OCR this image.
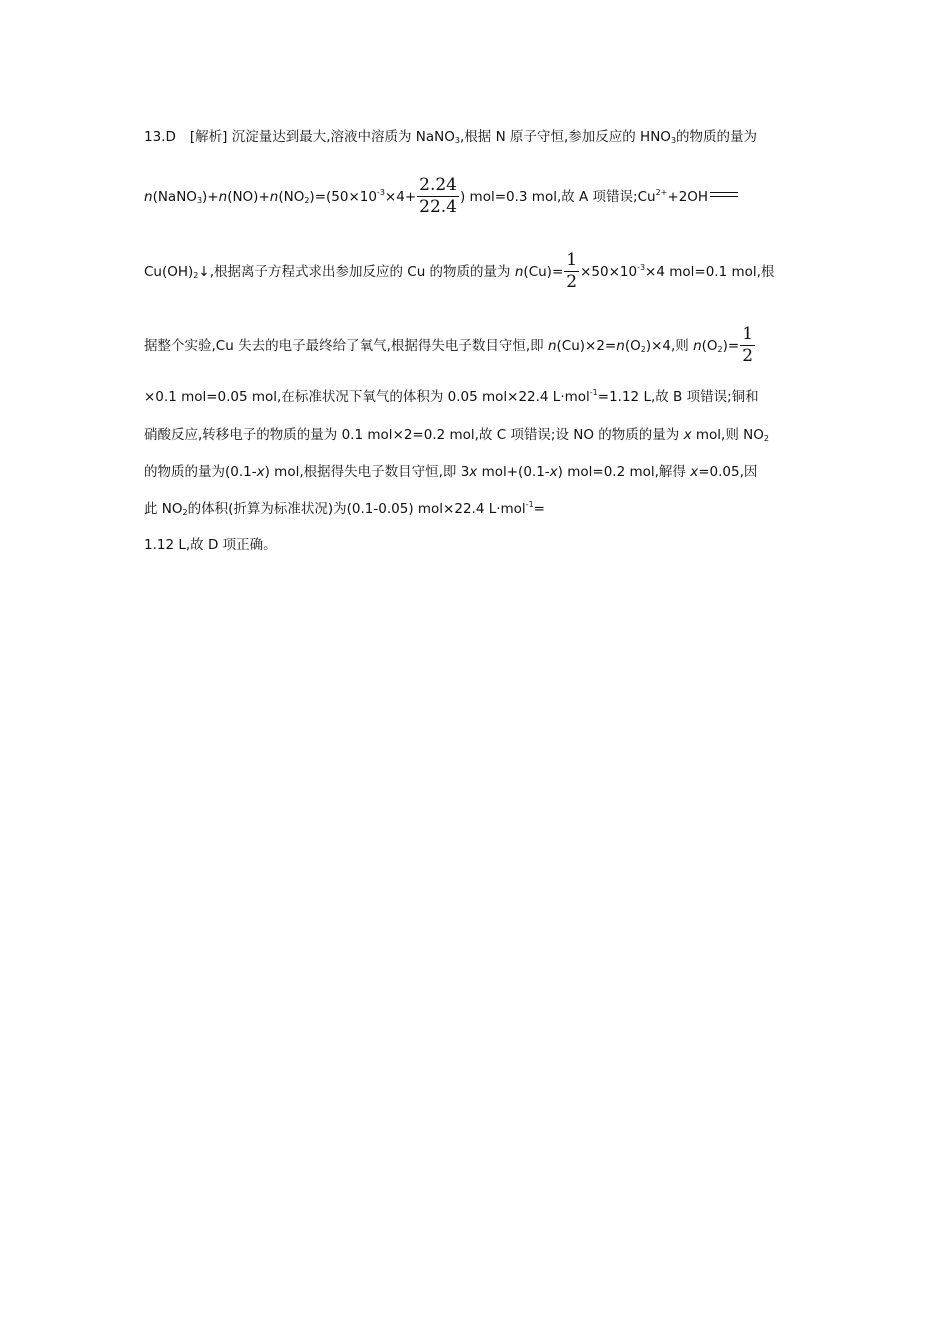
13.D [解析] 沉淀量达到最大,溶液中溶质为 NaNO$_3$,根据 N 原子守恒,参加反应的 $HNO_3$的物质的量为
$n(NaNO_3)+n(NO)+n(NO_2)=(50\times 10^{-3}\times 4+ \frac{2.24}{22.4}$ ) mol=0.3 mol,故 A 项错误$;Cu^{2+}+2OH$
$Cu(OH)_2↓$,根据离子方程式求出参加反应的 Cu 的物质的量为 $n(Cu)= \frac{1}{2} \times 50\times 10^{-3}\times 4$ mol=0.1 mol,根
据整个实验,Cu 失去的电子最终给了氧气,根据得失电子数目守恒,即 $n(Cu)\times 2=n(O_2)\times 4$,则 $n(O_2)= \frac{1}{2}$
×0.1 mol=0.05 mol,在标准状况下氧气的体积为 0.05 mol×22.4 L·mol$^{-1}$=1.12 L,故 B 项错误;铜和
硝酸反应,转移电子的物质的量为 0.1 mol×2=0.2 mol,故 C 项错误;设 NO 的物质的量为 x mol,则 $NO_2$
的物质的量为(0.1-x) mol,根据得失电子数目守恒,即 3x mol+(0.1-x) mol=0.2 mol,解得 x=0.05,因
此 $NO_2$的体积(折算为标准状况)为(0.1-0.05) mol×22.4 L·mol$^{-1}$=
1.12 L,故 D 项正确。
